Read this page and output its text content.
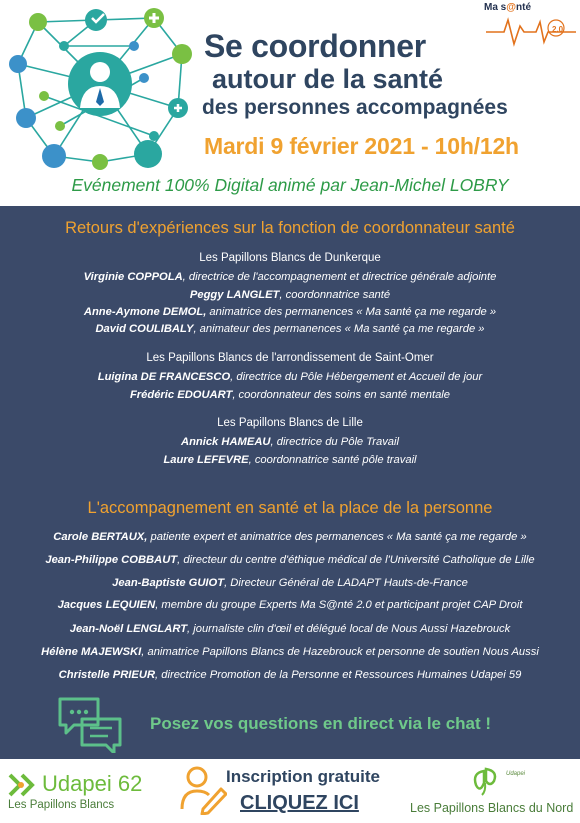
Ma s@nté
2.0
Se coordonner
autour de la santé
des personnes accompagnées
Mardi 9 février 2021 - 10h/12h
Evénement 100% Digital animé par Jean-Michel LOBRY
Retours d'expériences sur la fonction de coordonnateur santé
Les Papillons Blancs de Dunkerque
Virginie COPPOLA, directrice de l'accompagnement et directrice générale adjointe
Peggy LANGLET, coordonnatrice santé
Anne-Aymone DEMOL, animatrice des permanences « Ma santé ça me regarde »
David COULIBALY, animateur des permanences « Ma santé ça me regarde »
Les Papillons Blancs de l'arrondissement de Saint-Omer
Luigina DE FRANCESCO, directrice du Pôle Hébergement et Accueil de jour
Frédéric EDOUART, coordonnateur des soins en santé mentale
Les Papillons Blancs de Lille
Annick HAMEAU, directrice du Pôle Travail
Laure LEFEVRE, coordonnatrice santé pôle travail
L'accompagnement en santé et la place de la personne
Carole BERTAUX, patiente expert et animatrice des permanences « Ma santé ça me regarde »
Jean-Philippe COBBAUT, directeur du centre d'éthique médical de l'Université Catholique de Lille
Jean-Baptiste GUIOT, Directeur Général de LADAPT Hauts-de-France
Jacques LEQUIEN, membre du groupe Experts Ma S@nté 2.0 et participant projet CAP Droit
Jean-Noël LENGLART, journaliste clin d'œil et délégué local de Nous Aussi Hazebrouck
Hélène MAJEWSKI, animatrice Papillons Blancs de Hazebrouck et personne de soutien Nous Aussi
Christelle PRIEUR, directrice Promotion de la Personne et Ressources Humaines Udapei 59
Posez vos questions en direct via le chat !
Udapei 62
Les Papillons Blancs
Inscription gratuite
CLIQUEZ ICI
Udapei
Les Papillons Blancs du Nord
